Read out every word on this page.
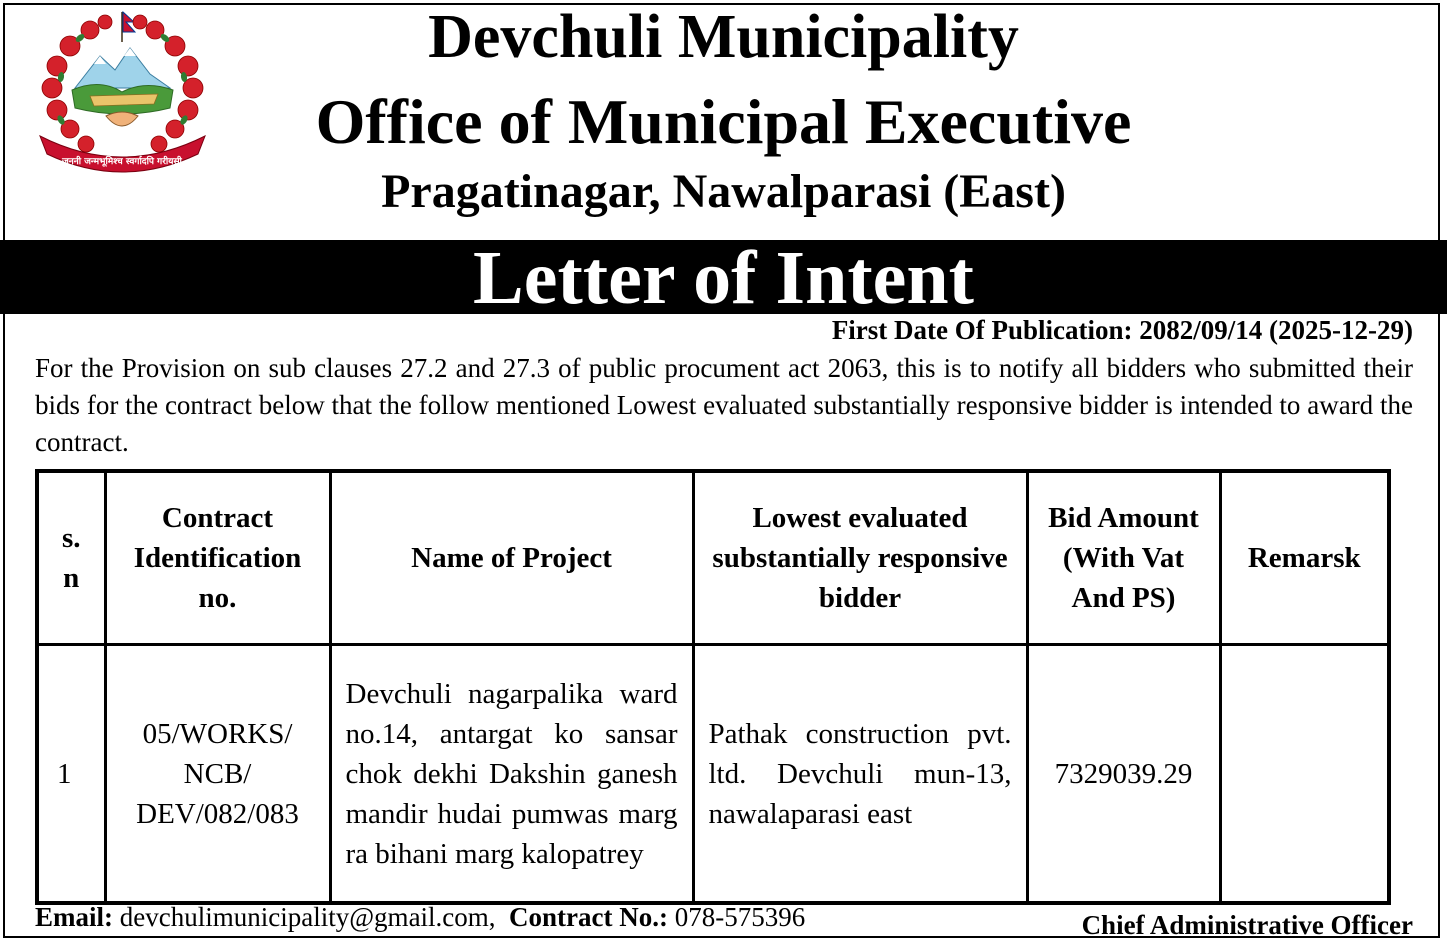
जननी जन्मभूमिश्च स्वर्गादपि गरीयसी
Devchuli Municipality
Office of Municipal Executive
Pragatinagar, Nawalparasi (East)
Letter of Intent
First Date Of Publication: 2082/09/14 (2025-12-29)
For the Provision on sub clauses 27.2 and 27.3 of public procument act 2063, this is to notify all bidders who submitted their bids for the contract below that the follow mentioned Lowest evaluated substantially responsive bidder is intended to award the contract.
s. n	Contract Identification no.	Name of Project	Lowest evaluated substantially responsive bidder	Bid Amount (With Vat And PS)	Remarsk
1	05/WORKS/ NCB/ DEV/082/083	Devchuli nagarpalika ward no.14, antargat ko sansar chok dekhi Dakshin ganesh mandir hudai pumwas marg ra bihani marg kalopatrey	Pathak construction pvt. ltd. Devchuli mun-13, nawalaparasi east	7329039.29	
Email: devchulimunicipality@gmail.com, Contract No.: 078-575396	Chief Administrative Officer
